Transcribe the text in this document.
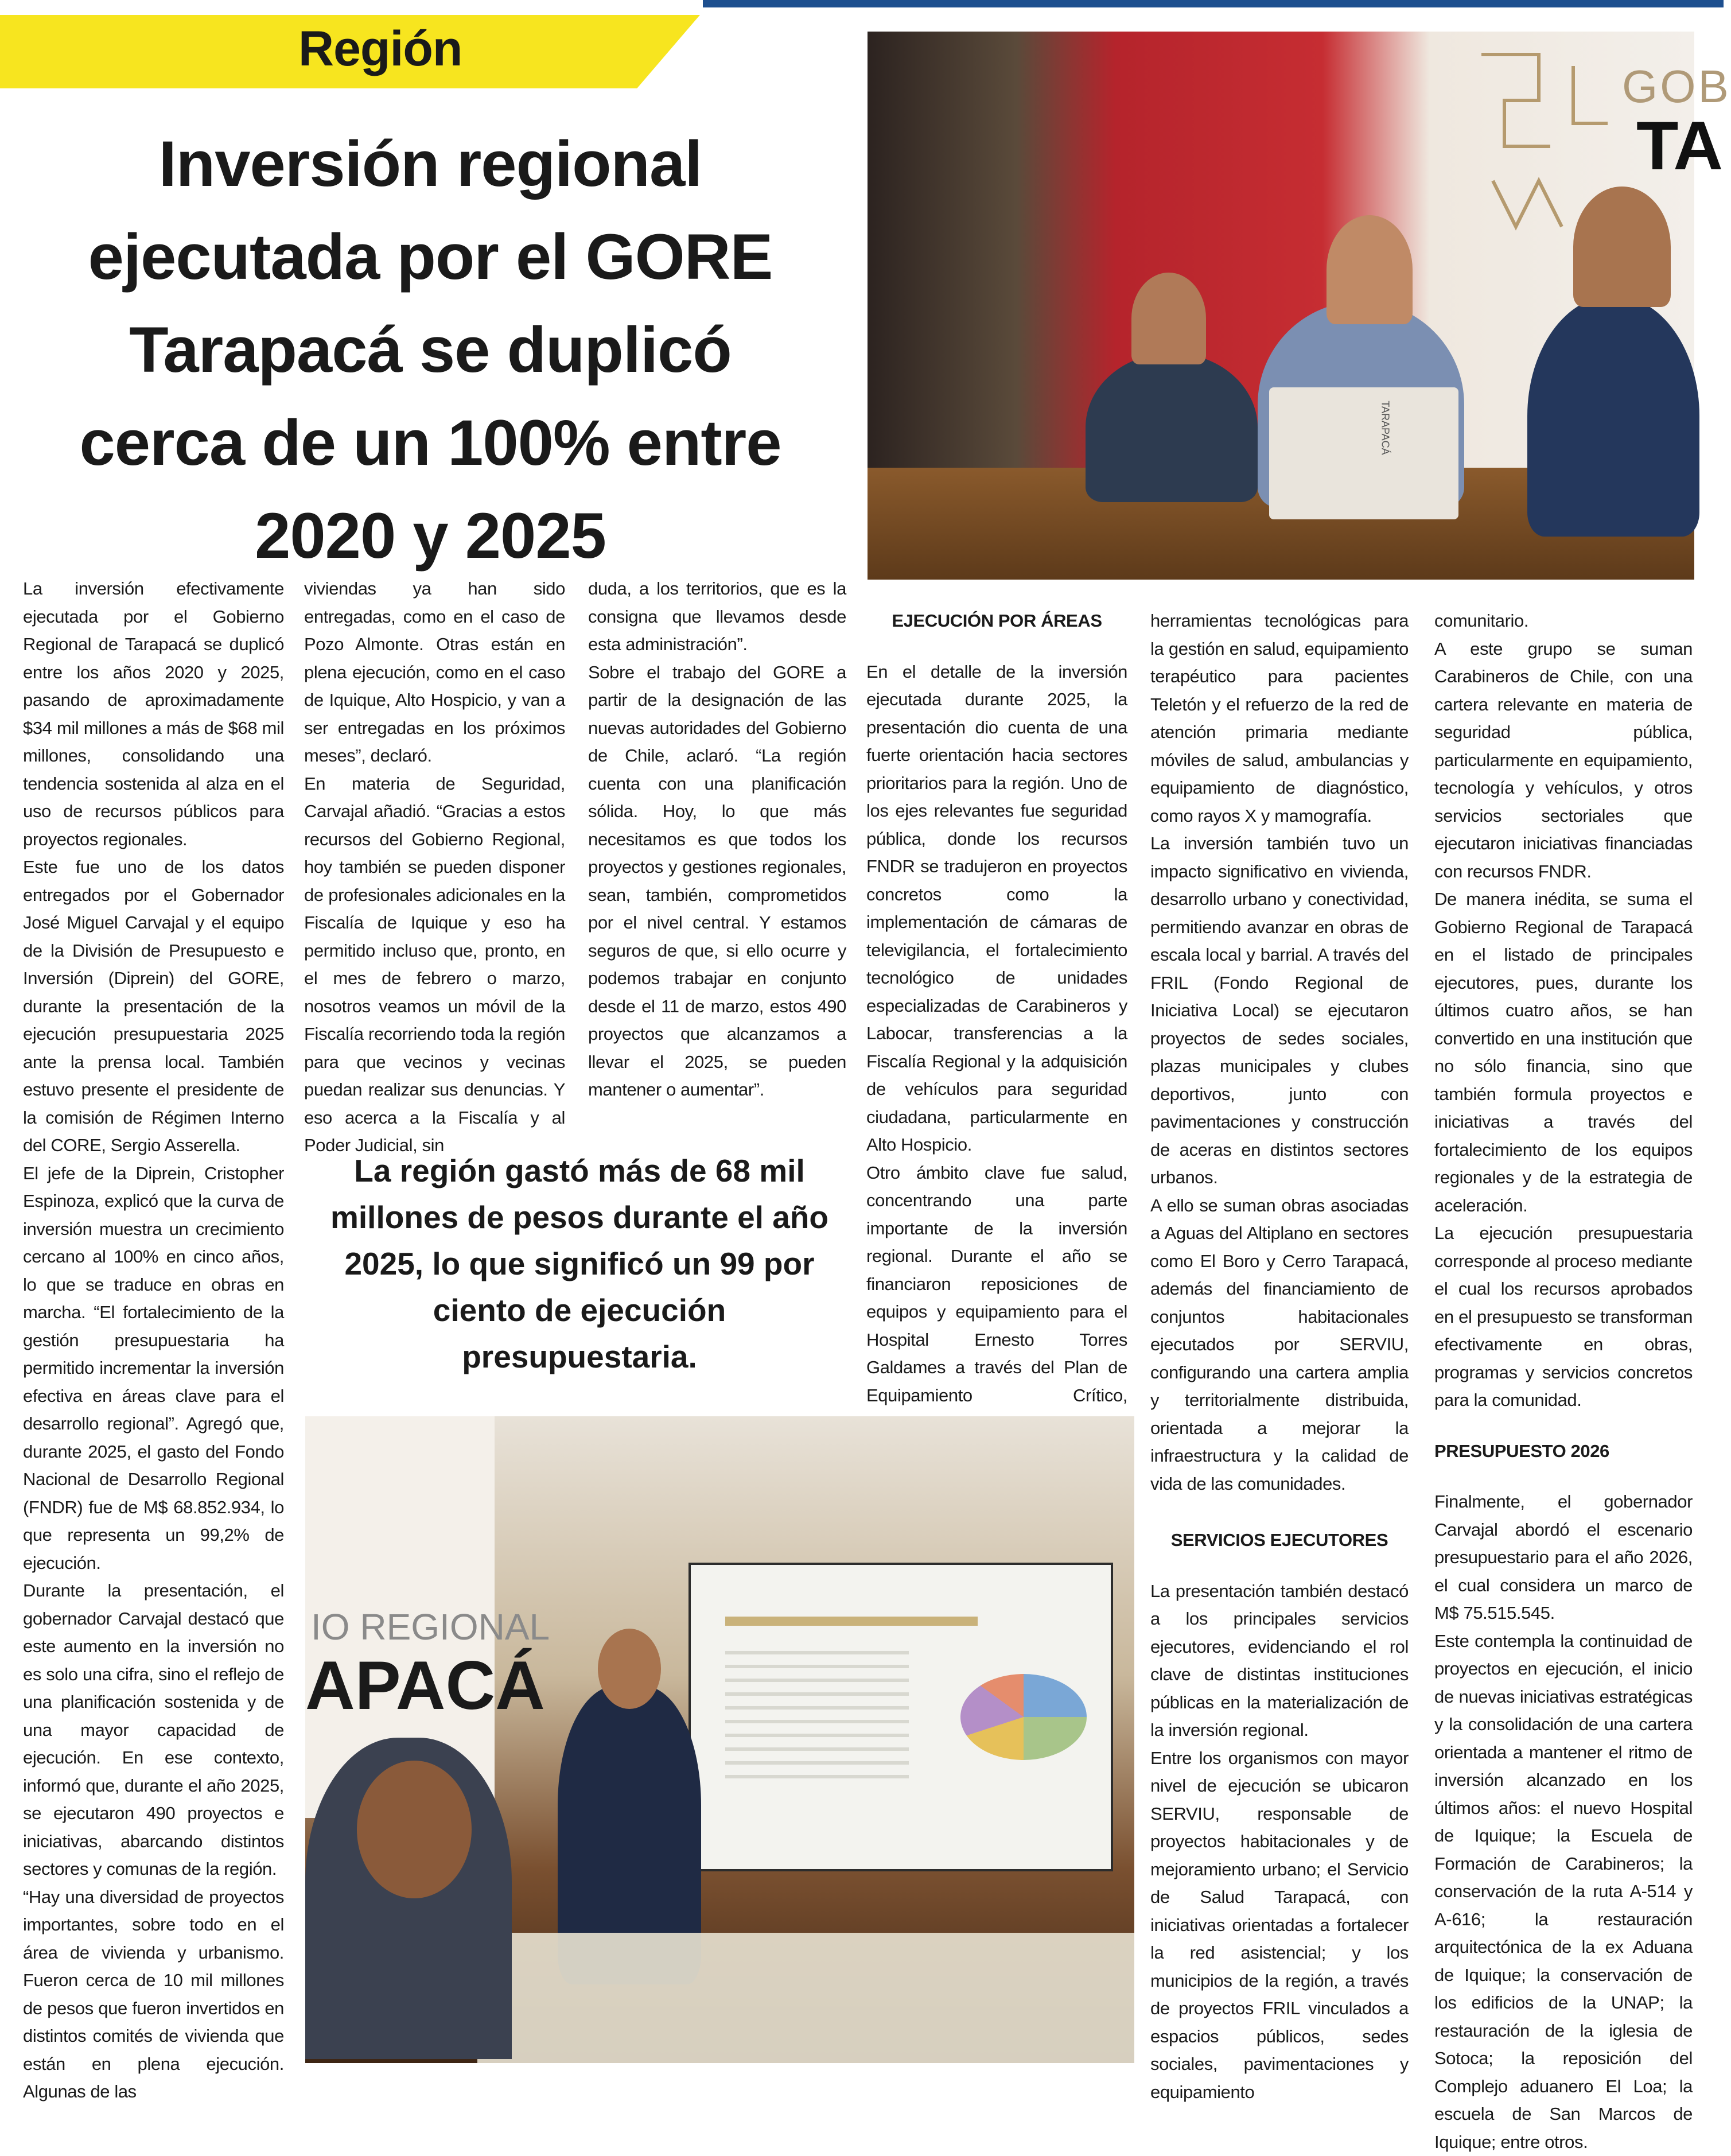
Región
Inversión regional
ejecutada por el GORE
Tarapacá se duplicó
cerca de un 100% entre
2020 y 2025
GOB
TA
TARAPACÁ

La inversión efectivamente ejecutada por el Gobierno Regional de Tarapacá se duplicó entre los años 2020 y 2025, pasando de aproximadamente $34 mil millones a más de $68 mil millones, consolidando una tendencia sostenida al alza en el uso de recursos públicos para proyectos regionales.

Este fue uno de los datos entregados por el Gobernador José Miguel Carvajal y el equipo de la División de Presupuesto e Inversión (Diprein) del GORE, durante la presentación de la ejecución presupuestaria 2025 ante la prensa local. También estuvo presente el presidente de la comisión de Régimen Interno del CORE, Sergio Asserella.

El jefe de la Diprein, Cristopher Espinoza, explicó que la curva de inversión muestra un crecimiento cercano al 100% en cinco años, lo que se traduce en obras en marcha. “El fortalecimiento de la gestión presupuestaria ha permitido incrementar la inversión efectiva en áreas clave para el desarrollo regional”. Agregó que, durante 2025, el gasto del Fondo Nacional de Desarrollo Regional (FNDR) fue de M$ 68.852.934, lo que representa un 99,2% de ejecución.

Durante la presentación, el gobernador Carvajal destacó que este aumento en la inversión no es solo una cifra, sino el reflejo de una planificación sostenida y de una mayor capacidad de ejecución. En ese contexto, informó que, durante el año 2025, se ejecutaron 490 proyectos e iniciativas, abarcando distintos sectores y comunas de la región.

“Hay una diversidad de proyectos importantes, sobre todo en el área de vivienda y urbanismo. Fueron cerca de 10 mil millones de pesos que fueron invertidos en distintos comités de vivienda que están en plena ejecución. Algunas de las

viviendas ya han sido entregadas, como en el caso de Pozo Almonte. Otras están en plena ejecución, como en el caso de Iquique, Alto Hospicio, y van a ser entregadas en los próximos meses”, declaró.

En materia de Seguridad, Carvajal añadió. “Gracias a estos recursos del Gobierno Regional, hoy también se pueden disponer de profesionales adicionales en la Fiscalía de Iquique y eso ha permitido incluso que, pronto, en el mes de febrero o marzo, nosotros veamos un móvil de la Fiscalía recorriendo toda la región para que vecinos y vecinas puedan realizar sus denuncias. Y eso acerca a la Fiscalía y al Poder Judicial, sin

duda, a los territorios, que es la consigna que llevamos desde esta administración”.

Sobre el trabajo del GORE a partir de la designación de las nuevas autoridades del Gobierno de Chile, aclaró. “La región cuenta con una planificación sólida. Hoy, lo que más necesitamos es que todos los proyectos y gestiones regionales, sean, también, comprometidos por el nivel central. Y estamos seguros de que, si ello ocurre y podemos trabajar en conjunto desde el 11 de marzo, estos 490 proyectos que alcanzamos a llevar el 2025, se pueden mantener o aumentar”.

EJECUCIÓN POR ÁREAS

En el detalle de la inversión ejecutada durante 2025, la presentación dio cuenta de una fuerte orientación hacia sectores prioritarios para la región. Uno de los ejes relevantes fue seguridad pública, donde los recursos FNDR se tradujeron en proyectos concretos como la implementación de cámaras de televigilancia, el fortalecimiento tecnológico de unidades especializadas de Carabineros y Labocar, transferencias a la Fiscalía Regional y la adquisición de vehículos para seguridad ciudadana, particularmente en Alto Hospicio.

Otro ámbito clave fue salud, concentrando una parte importante de la inversión regional. Durante el año se financiaron reposiciones de equipos y equipamiento para el Hospital Ernesto Torres Galdames a través del Plan de Equipamiento Crítico,

herramientas tecnológicas para la gestión en salud, equipamiento terapéutico para pacientes Teletón y el refuerzo de la red de atención primaria mediante móviles de salud, ambulancias y equipamiento de diagnóstico, como rayos X y mamografía.

La inversión también tuvo un impacto significativo en vivienda, desarrollo urbano y conectividad, permitiendo avanzar en obras de escala local y barrial. A través del FRIL (Fondo Regional de Iniciativa Local) se ejecutaron proyectos de sedes sociales, plazas municipales y clubes deportivos, junto con pavimentaciones y construcción de aceras en distintos sectores urbanos.

A ello se suman obras asociadas a Aguas del Altiplano en sectores como El Boro y Cerro Tarapacá, además del financiamiento de conjuntos habitacionales ejecutados por SERVIU, configurando una cartera amplia y territorialmente distribuida, orientada a mejorar la infraestructura y la calidad de vida de las comunidades.

SERVICIOS EJECUTORES

La presentación también destacó a los principales servicios ejecutores, evidenciando el rol clave de distintas instituciones públicas en la materialización de la inversión regional.

Entre los organismos con mayor nivel de ejecución se ubicaron SERVIU, responsable de proyectos habitacionales y de mejoramiento urbano; el Servicio de Salud Tarapacá, con iniciativas orientadas a fortalecer la red asistencial; y los municipios de la región, a través de proyectos FRIL vinculados a espacios públicos, sedes sociales, pavimentaciones y equipamiento

comunitario.

A este grupo se suman Carabineros de Chile, con una cartera relevante en materia de seguridad pública, particularmente en equipamiento, tecnología y vehículos, y otros servicios sectoriales que ejecutaron iniciativas financiadas con recursos FNDR.

De manera inédita, se suma el Gobierno Regional de Tarapacá en el listado de principales ejecutores, pues, durante los últimos cuatro años, se han convertido en una institución que no sólo financia, sino que también formula proyectos e iniciativas a través del fortalecimiento de los equipos regionales y de la estrategia de aceleración.

La ejecución presupuestaria corresponde al proceso mediante el cual los recursos aprobados en el presupuesto se transforman efectivamente en obras, programas y servicios concretos para la comunidad.

PRESUPUESTO 2026

Finalmente, el gobernador Carvajal abordó el escenario presupuestario para el año 2026, el cual considera un marco de M$ 75.515.545.

Este contempla la continuidad de proyectos en ejecución, el inicio de nuevas iniciativas estratégicas y la consolidación de una cartera orientada a mantener el ritmo de inversión alcanzado en los últimos años: el nuevo Hospital de Iquique; la Escuela de Formación de Carabineros; la conservación de la ruta A-514 y A-616; la restauración arquitectónica de la ex Aduana de Iquique; la conservación de los edificios de la UNAP; la restauración de la iglesia de Sotoca; la reposición del Complejo aduanero El Loa; la escuela de San Marcos de Iquique; entre otros.

La región gastó más de 68 mil millones de pesos durante el año 2025, lo que significó un 99 por ciento de ejecución presupuestaria.
IO REGIONAL
APACÁ
